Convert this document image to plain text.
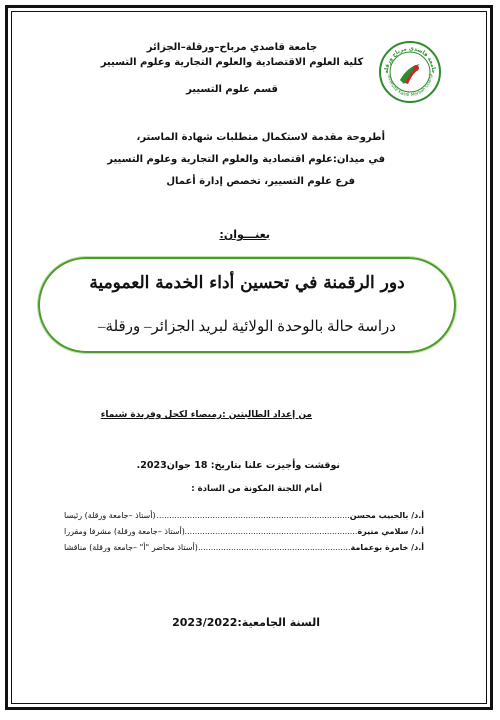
جامعة قاصدي مرباح–ورقلة–الجزائر
كلية العلوم الاقتصادية والعلوم التجارية وعلوم التسيير
قسم علوم التسيير
جامعة قاصدي مرباح ورقلة
niversité Kasdi Merbah Ouargl
أطروحة مقدمة لاستكمال متطلبات شهادة الماستر،
في ميدان:علوم اقتصادية والعلوم التجارية وعلوم التسيير
فرع علوم التسيير، تخصص إدارة أعمال
بعنـــوان:
دور الرقمنة في تحسين أداء الخدمة العمومية
دراسة حالة بالوحدة الولائية لبريد الجزائر– ورقلة–
من إعداد الطالبتين :رميصاء لكحل وفريدة شيماء
نوقشت وأجيزت علنا بتاريخ: 18 جوان2023.
أمام اللجنة المكونة من السادة :
أ.د/ بالحبيب محسن
.....
(أستاذ –جامعة ورقلة) رئيسا
أ.د/ سلامي منيرة
.....
(أستاذ –جامعة ورقلة) مشرفا ومقررا
أ.د/ خامرة بوعمامة
.....
(أستاذ محاضر "أ" –جامعة ورقلة) مناقشا
السنة الجامعية:2023/2022
